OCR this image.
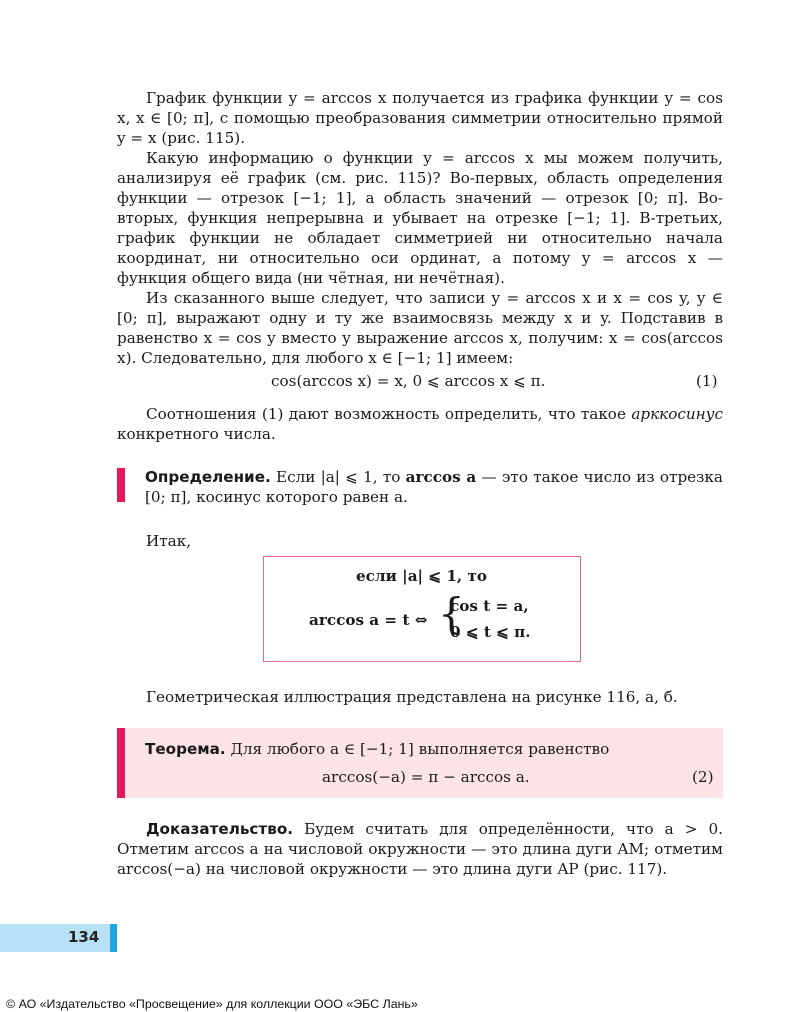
График функции y = arccos x получается из графика функции y = cos x, x ∈ [0; π], с помощью преобразования симметрии относительно прямой y = x (рис. 115).

Какую информацию о функции y = arccos x мы можем получить, анализируя её график (см. рис. 115)? Во-первых, область определения функции — отрезок [−1; 1], а область значений — отрезок [0; π]. Во-вторых, функция непрерывна и убывает на отрезке [−1; 1]. В-третьих, график функции не обладает симметрией ни относительно начала координат, ни относительно оси ординат, а потому y = arccos x — функция общего вида (ни чётная, ни нечётная).

Из сказанного выше следует, что записи y = arccos x и x = cos y, y ∈ [0; π], выражают одну и ту же взаимосвязь между x и y. Подставив в равенство x = cos y вместо y выражение arccos x, получим: x = cos(arccos x). Следовательно, для любого x ∈ [−1; 1] имеем:

cos(arccos x) = x, 0 ⩽ arccos x ⩽ π.	(1)

Соотношения (1) дают возможность определить, что такое арккосинус конкретного числа.

Определение. Если |a| ⩽ 1, то arccos a — это такое число из отрезка [0; π], косинус которого равен a.

Итак,
если |a| ⩽ 1, то
arccos a = t ⇔ {
cos t = a,
0 ⩽ t ⩽ π.
Геометрическая иллюстрация представлена на рисунке 116, а, б.
Теорема. Для любого a ∈ [−1; 1] выполняется равенство
arccos(−a) = π − arccos a.	(2)

Доказательство. Будем считать для определённости, что a > 0. Отметим arccos a на числовой окружности — это длина дуги AM; отметим arccos(−a) на числовой окружности — это длина дуги AP (рис. 117).

134
© АО «Издательство «Просвещение» для коллекции ООО «ЭБС Лань»
